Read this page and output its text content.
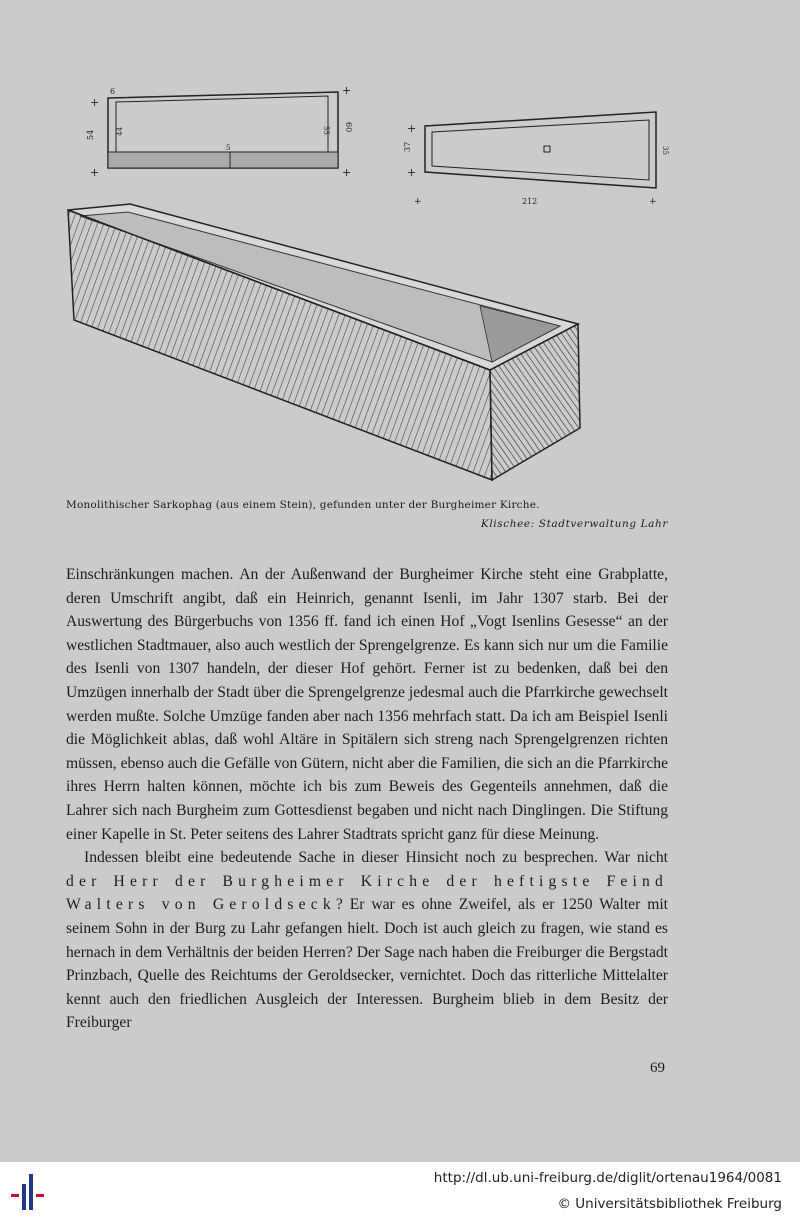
+
+
+
+
6
54	44
5
55 60	+
+
+	+
37
212
35
Monolithischer Sarkophag (aus einem Stein), gefunden unter der Burgheimer Kirche.
Klischee: Stadtverwaltung Lahr

Einschränkungen machen. An der Außenwand der Burgheimer Kirche steht eine Grabplatte, deren Umschrift angibt, daß ein Heinrich, genannt Isenli, im Jahr 1307 starb. Bei der Auswertung des Bürgerbuchs von 1356 ff. fand ich einen Hof „Vogt Isenlins Gesesse“ an der westlichen Stadtmauer, also auch westlich der Sprengelgrenze. Es kann sich nur um die Familie des Isenli von 1307 handeln, der dieser Hof gehört. Ferner ist zu bedenken, daß bei den Umzügen innerhalb der Stadt über die Sprengelgrenze jedesmal auch die Pfarrkirche gewechselt werden mußte. Solche Umzüge fanden aber nach 1356 mehrfach statt. Da ich am Beispiel Isenli die Möglichkeit ablas, daß wohl Altäre in Spitälern sich streng nach Sprengelgrenzen richten müssen, ebenso auch die Gefälle von Gütern, nicht aber die Familien, die sich an die Pfarrkirche ihres Herrn halten können, möchte ich bis zum Beweis des Gegenteils annehmen, daß die Lahrer sich nach Burgheim zum Gottesdienst begaben und nicht nach Dinglingen. Die Stiftung einer Kapelle in St. Peter seitens des Lahrer Stadtrats spricht ganz für diese Meinung.

Indessen bleibt eine bedeutende Sache in dieser Hinsicht noch zu besprechen. War nicht der Herr der Burgheimer Kirche der heftigste Feind Walters von Geroldseck? Er war es ohne Zweifel, als er 1250 Walter mit seinem Sohn in der Burg zu Lahr gefangen hielt. Doch ist auch gleich zu fragen, wie stand es hernach in dem Verhältnis der beiden Herren? Der Sage nach haben die Freiburger die Bergstadt Prinzbach, Quelle des Reichtums der Geroldsecker, vernichtet. Doch das ritterliche Mittelalter kennt auch den friedlichen Ausgleich der Interessen. Burgheim blieb in dem Besitz der Freiburger

69
http://dl.ub.uni-freiburg.de/diglit/ortenau1964/0081
© Universitätsbibliothek Freiburg
